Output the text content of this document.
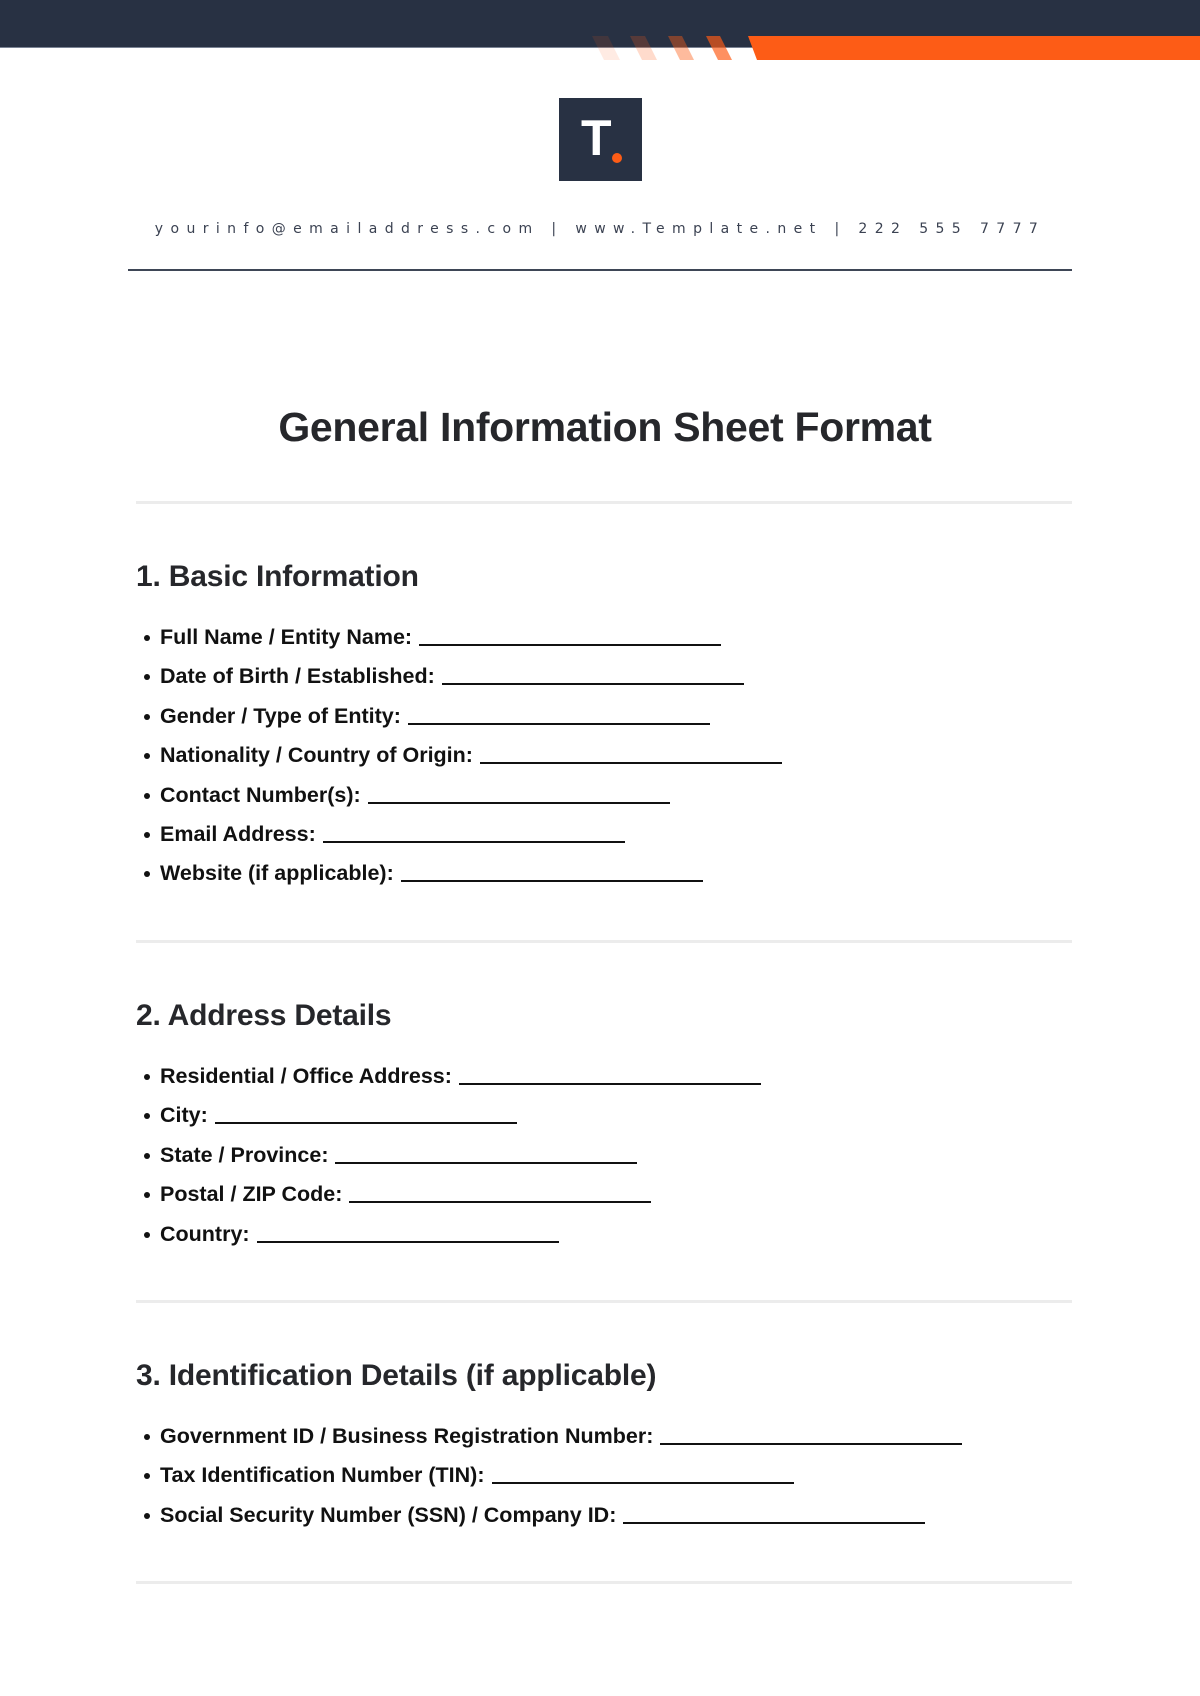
T
yourinfo@emailaddress.com | www.Template.net | 222 555 7777
General Information Sheet Format
1. Basic Information
Full Name / Entity Name:
Date of Birth / Established:
Gender / Type of Entity:
Nationality / Country of Origin:
Contact Number(s):
Email Address:
Website (if applicable):
2. Address Details
Residential / Office Address:
City:
State / Province:
Postal / ZIP Code:
Country:
3. Identification Details (if applicable)
Government ID / Business Registration Number:
Tax Identification Number (TIN):
Social Security Number (SSN) / Company ID:
